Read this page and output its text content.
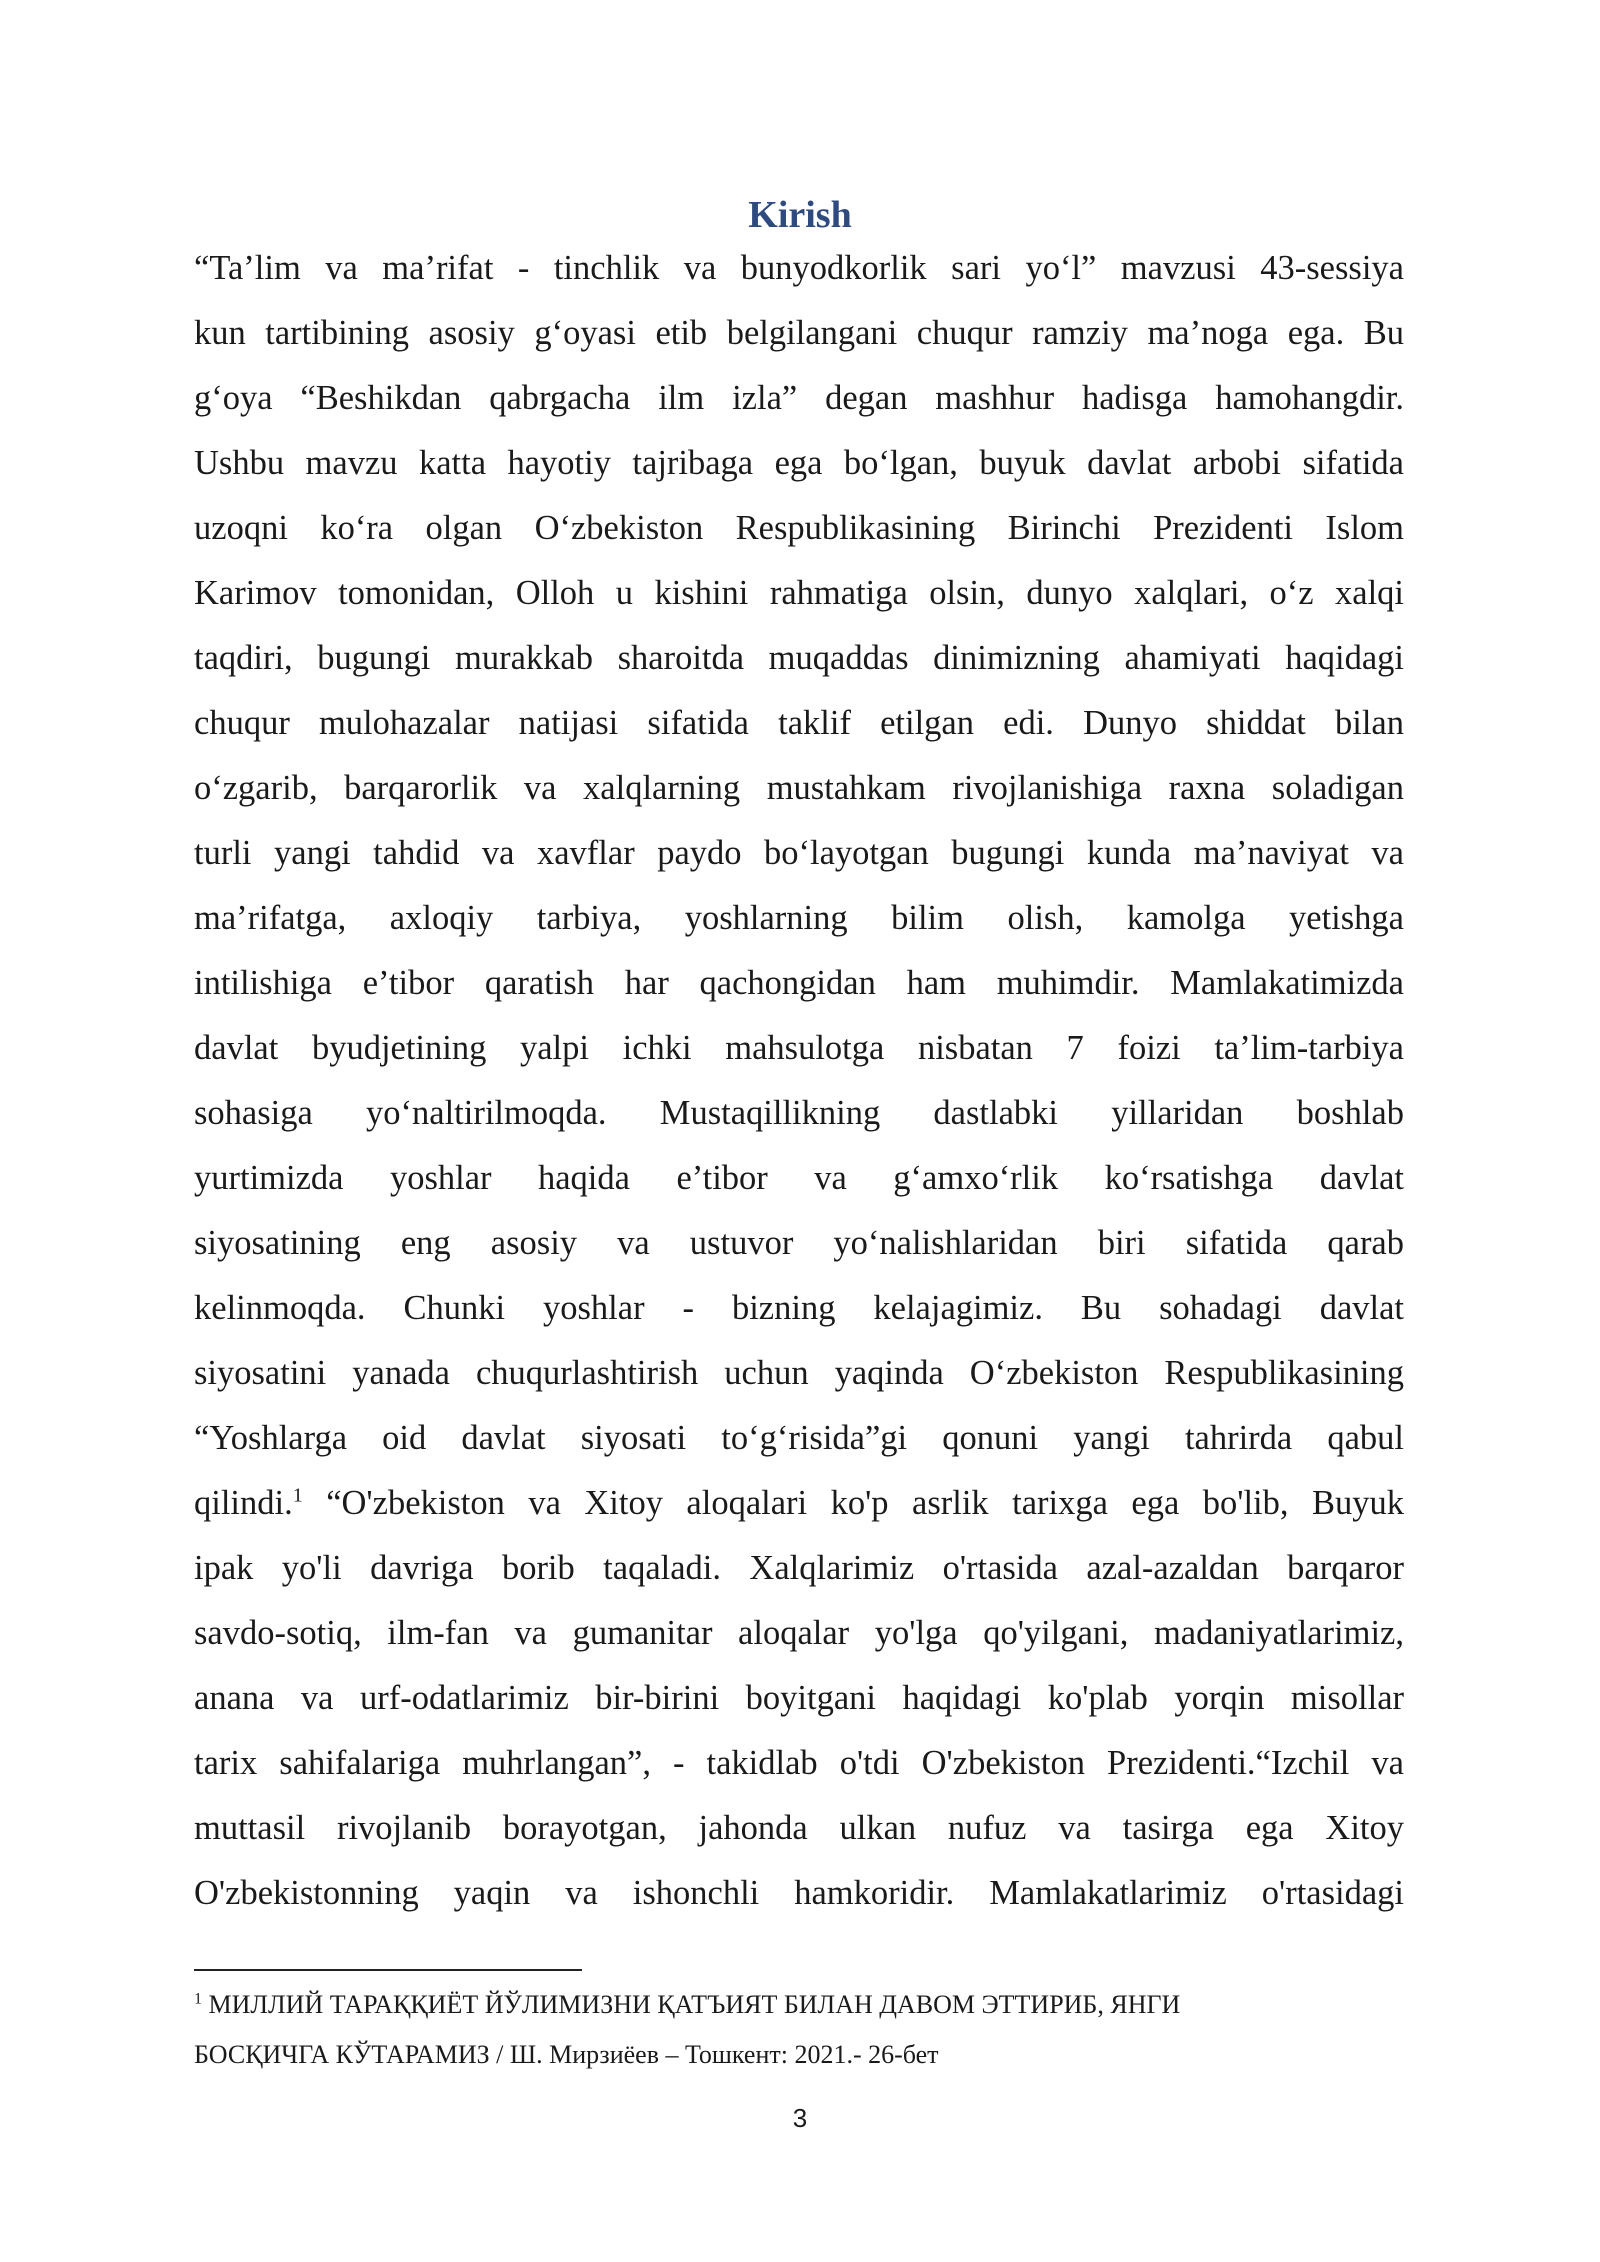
Kirish
“Ta’lim va ma’rifat - tinchlik va bunyodkorlik sari yo‘l” mavzusi 43-sessiya
kun tartibining asosiy g‘oyasi etib belgilangani chuqur ramziy ma’noga ega. Bu
g‘oya “Beshikdan qabrgacha ilm izla” degan mashhur hadisga hamohangdir.
Ushbu mavzu katta hayotiy tajribaga ega bo‘lgan, buyuk davlat arbobi sifatida
uzoqni ko‘ra olgan O‘zbekiston Respublikasining Birinchi Prezidenti Islom
Karimov tomonidan, Olloh u kishini rahmatiga olsin, dunyo xalqlari, o‘z xalqi
taqdiri, bugungi murakkab sharoitda muqaddas dinimizning ahamiyati haqidagi
chuqur mulohazalar natijasi sifatida taklif etilgan edi. Dunyo shiddat bilan
o‘zgarib, barqarorlik va xalqlarning mustahkam rivojlanishiga raxna soladigan
turli yangi tahdid va xavflar paydo bo‘layotgan bugungi kunda ma’naviyat va
ma’rifatga, axloqiy tarbiya, yoshlarning bilim olish, kamolga yetishga
intilishiga e’tibor qaratish har qachongidan ham muhimdir. Mamlakatimizda
davlat byudjetining yalpi ichki mahsulotga nisbatan 7 foizi ta’lim-tarbiya
sohasiga yo‘naltirilmoqda. Mustaqillikning dastlabki yillaridan boshlab
yurtimizda yoshlar haqida e’tibor va g‘amxo‘rlik ko‘rsatishga davlat
siyosatining eng asosiy va ustuvor yo‘nalishlaridan biri sifatida qarab
kelinmoqda. Chunki yoshlar - bizning kelajagimiz. Bu sohadagi davlat
siyosatini yanada chuqurlashtirish uchun yaqinda O‘zbekiston Respublikasining
“Yoshlarga oid davlat siyosati to‘g‘risida”gi qonuni yangi tahrirda qabul
qilindi.$^1$ “O'zbekiston va Xitoy aloqalari ko'p asrlik tarixga ega bo'lib, Buyuk
ipak yo'li davriga borib taqaladi. Xalqlarimiz o'rtasida azal-azaldan barqaror
savdo-sotiq, ilm-fan va gumanitar aloqalar yo'lga qo'yilgani, madaniyatlarimiz,
anana va urf-odatlarimiz bir-birini boyitgani haqidagi ko'plab yorqin misollar
tarix sahifalariga muhrlangan”, - takidlab o'tdi O'zbekiston Prezidenti.“Izchil va
muttasil rivojlanib borayotgan, jahonda ulkan nufuz va tasirga ega Xitoy
O'zbekistonning yaqin va ishonchli hamkoridir. Mamlakatlarimiz o'rtasidagi
$^1$ МИЛЛИЙ ТАРАҚҚИЁТ ЙЎЛИМИЗНИ ҚАТЪИЯТ БИЛАН ДАВОМ ЭТТИРИБ, ЯНГИ
БОСҚИЧГА КЎТАРАМИЗ / Ш. Мирзиёев – Тошкент: 2021.- 26-бет
3
